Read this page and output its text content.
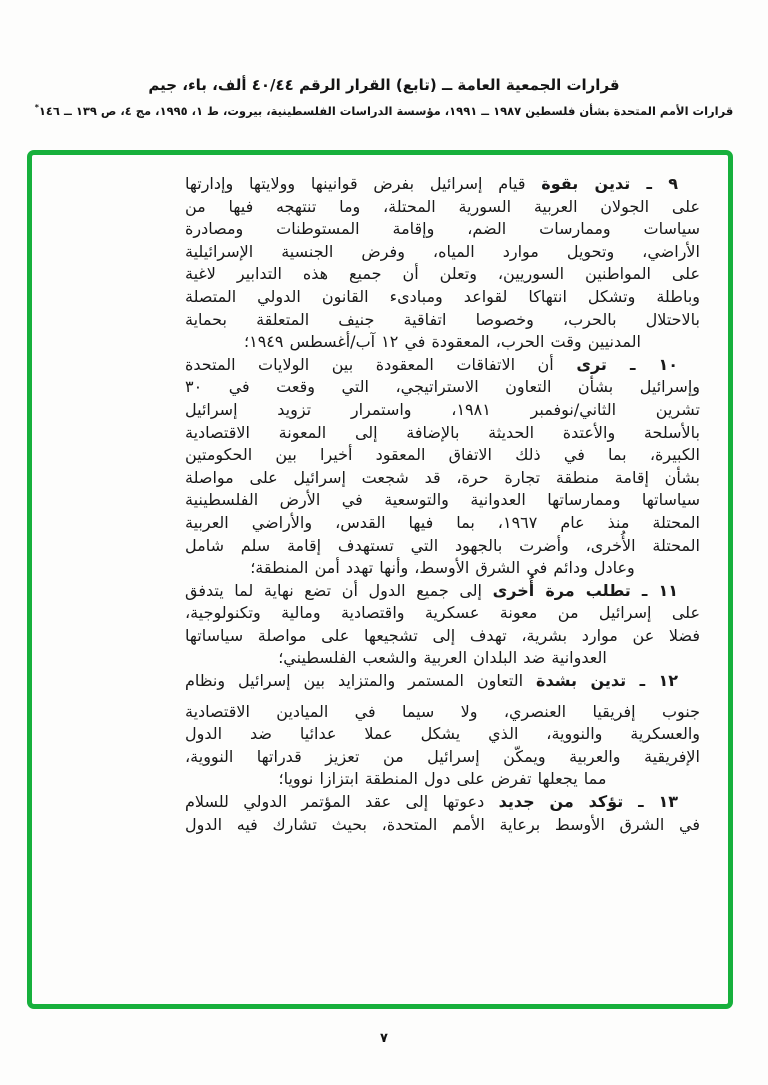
قرارات الجمعية العامة ــ (تابع) القرار الرقم ٤٠/٤٤ ألف، باء، جيم
قرارات الأمم المتحدة بشأن فلسطين ١٩٨٧ ــ ١٩٩١، مؤسسة الدراسات الفلسطينية، بيروت، ط ١، ١٩٩٥، مج ٤، ص ١٣٩ ــ ١٤٦*
٩ ـ تدين بقوة قيام إسرائيل بفرض قوانينها وولايتها وإدارتها
على الجولان العربية السورية المحتلة، وما تنتهجه فيها من
سياسات وممارسات الضم، وإقامة المستوطنات ومصادرة
الأراضي، وتحويل موارد المياه، وفرض الجنسية الإسرائيلية
على المواطنين السوريين، وتعلن أن جميع هذه التدابير لاغية
وباطلة وتشكل انتهاكا لقواعد ومبادىء القانون الدولي المتصلة
بالاحتلال بالحرب، وخصوصا اتفاقية جنيف المتعلقة بحماية
المدنيين وقت الحرب، المعقودة في ١٢ آب/أغسطس ١٩٤٩؛
١٠ ـ ترى أن الاتفاقات المعقودة بين الولايات المتحدة
وإسرائيل بشأن التعاون الاستراتيجي، التي وقعت في ٣٠
تشرين الثاني/نوفمبر ١٩٨١، واستمرار تزويد إسرائيل
بالأسلحة والأعتدة الحديثة بالإضافة إلى المعونة الاقتصادية
الكبيرة، بما في ذلك الاتفاق المعقود أخيرا بين الحكومتين
بشأن إقامة منطقة تجارة حرة، قد شجعت إسرائيل على مواصلة
سياساتها وممارساتها العدوانية والتوسعية في الأرض الفلسطينية
المحتلة منذ عام ١٩٦٧، بما فيها القدس، والأراضي العربية
المحتلة الأُخرى، وأضرت بالجهود التي تستهدف إقامة سلم شامل
وعادل ودائم في الشرق الأوسط، وأنها تهدد أمن المنطقة؛
١١ ـ تطلب مرة أُخرى إلى جميع الدول أن تضع نهاية لما يتدفق
على إسرائيل من معونة عسكرية واقتصادية ومالية وتكنولوجية،
فضلا عن موارد بشرية، تهدف إلى تشجيعها على مواصلة سياساتها
العدوانية ضد البلدان العربية والشعب الفلسطيني؛
١٢ ـ تدين بشدة التعاون المستمر والمتزايد بين إسرائيل ونظام
جنوب إفريقيا العنصري، ولا سيما في الميادين الاقتصادية
والعسكرية والنووية، الذي يشكل عملا عدائيا ضد الدول
الإفريقية والعربية ويمكّن إسرائيل من تعزيز قدراتها النووية،
مما يجعلها تفرض على دول المنطقة ابتزازا نوويا؛
١٣ ـ تؤكد من جديد دعوتها إلى عقد المؤتمر الدولي للسلام
في الشرق الأوسط برعاية الأمم المتحدة، بحيث تشارك فيه الدول
٧
